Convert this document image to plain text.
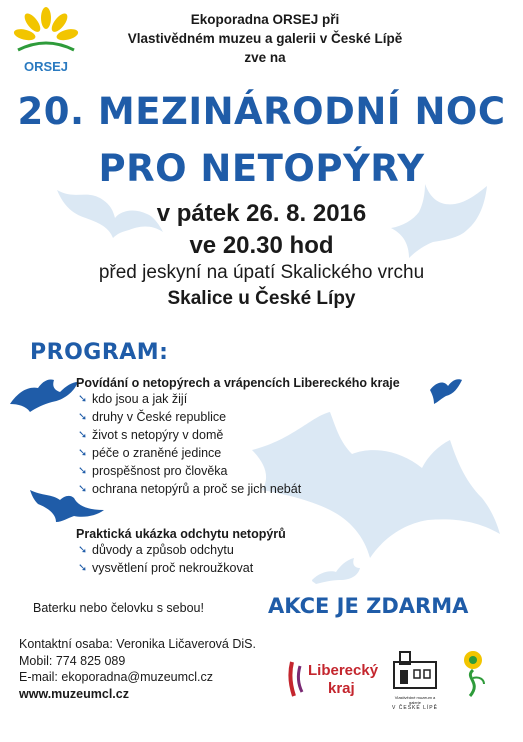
ORSEJ
Ekoporadna ORSEJ při
Vlastivědném muzeu a galerii v České Lípě
zve na
20. MEZINÁRODNÍ NOC
PRO NETOPÝRY
v pátek 26. 8. 2016
ve 20.30 hod
před jeskyní na úpatí Skalického vrchu
Skalice u České Lípy
PROGRAM:
Povídání o netopýrech a vrápencích Libereckého kraje
➘ kdo jsou a jak žijí
➘ druhy v České republice
➘ život s netopýry v domě
➘ péče o zraněné jedince
➘ prospěšnost pro člověka
➘ ochrana netopýrů a proč se jich nebát
Praktická ukázka odchytu netopýrů
➘ důvody a způsob odchytu
➘ vysvětlení proč nekroužkovat
Baterku nebo čelovku s sebou!	AKCE JE ZDARMA
Kontaktní osaba: Veronika Ličaverová DiS.
Mobil: 774 825 089
E-mail: ekoporadna@muzeumcl.cz
www.muzeumcl.cz
Liberecký
kraj
Vlastivědné muzeum a galerie
V ČESKÉ LÍPĚ
